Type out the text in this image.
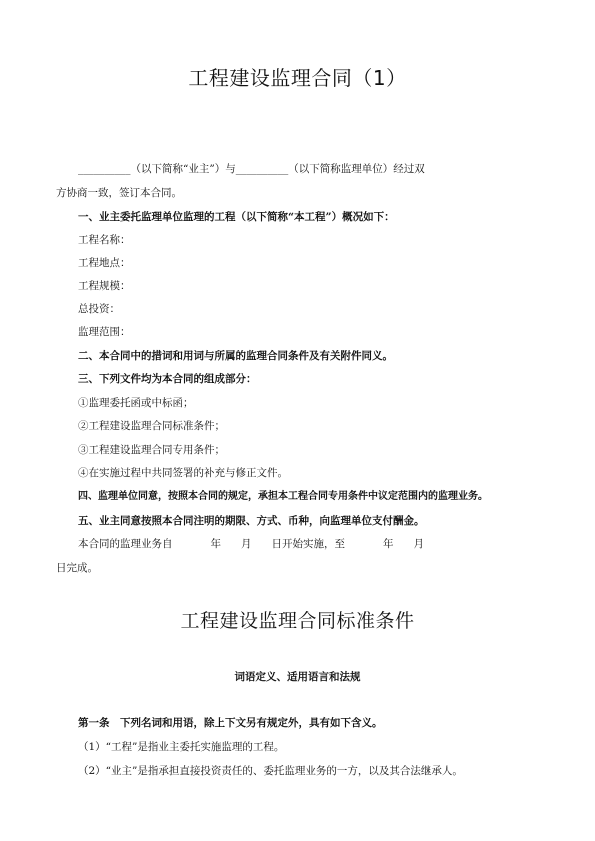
工程建设监理合同（1）
__________（以下简称“业主”）与__________（以下简称监理单位）经过双
方协商一致，签订本合同。
一、业主委托监理单位监理的工程（以下简称“本工程”）概况如下：
工程名称：
工程地点：
工程规模：
总投资：
监理范围：
二、本合同中的措词和用词与所属的监理合同条件及有关附件同义。
三、下列文件均为本合同的组成部分：
①监理委托函或中标函；
②工程建设监理合同标准条件；
③工程建设监理合同专用条件；
④在实施过程中共同签署的补充与修正文件。
四、监理单位同意，按照本合同的规定，承担本工程合同专用条件中议定范围内的监理业务。
五、业主同意按照本合同注明的期限、方式、币种，向监理单位支付酬金。
本合同的监理业务自	年 月 日开始实施，至	年 月
日完成。
工程建设监理合同标准条件
词语定义、适用语言和法规
第一条　下列名词和用语，除上下文另有规定外，具有如下含义。
（1）“工程”是指业主委托实施监理的工程。
（2）“业主”是指承担直接投资责任的、委托监理业务的一方，以及其合法继承人。
